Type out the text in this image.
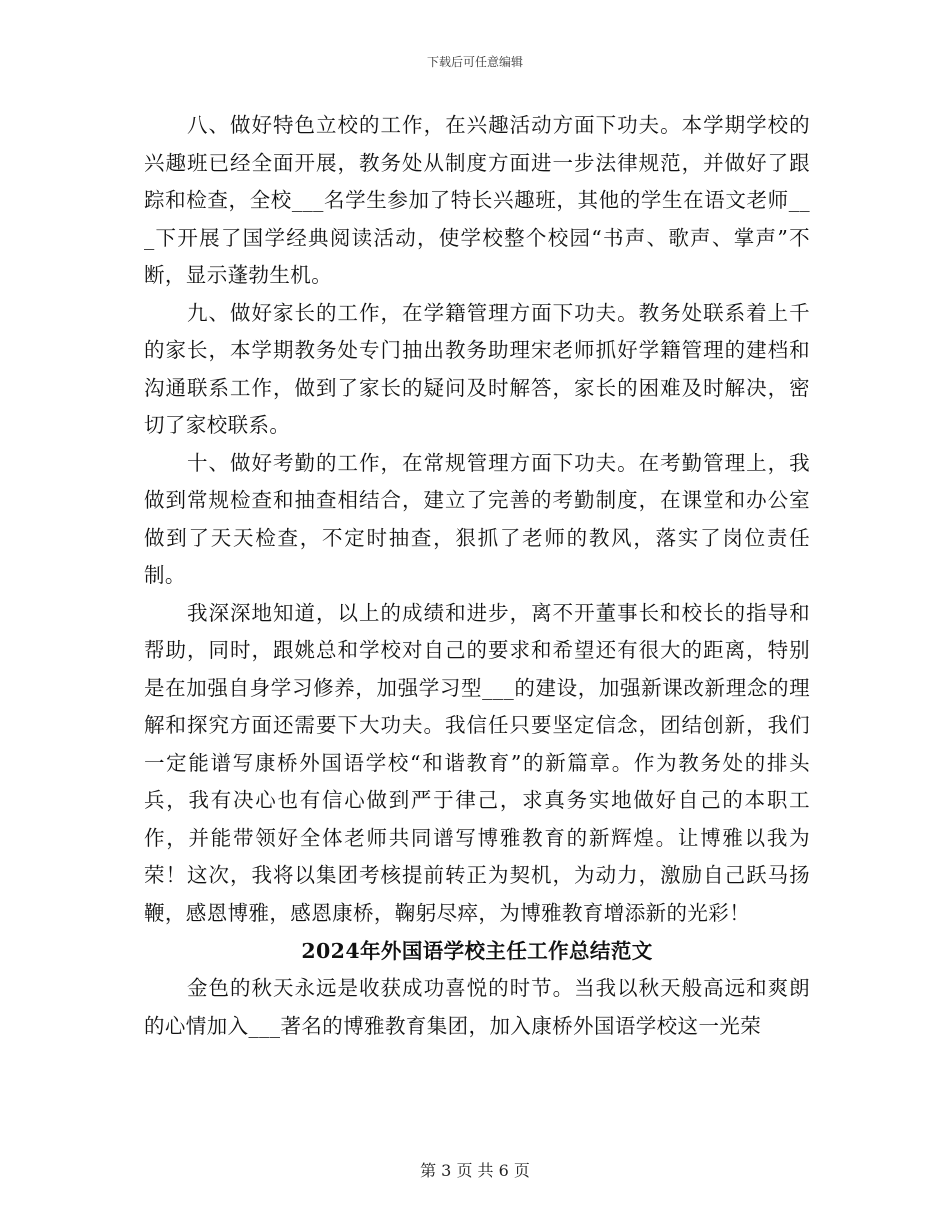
下载后可任意编辑

八、做好特色立校的工作，在兴趣活动方面下功夫。本学期学校的兴趣班已经全面开展，教务处从制度方面进一步法律规范，并做好了跟踪和检查，全校___名学生参加了特长兴趣班，其他的学生在语文老师___下开展了国学经典阅读活动，使学校整个校园“书声、歌声、掌声”不断，显示蓬勃生机。

九、做好家长的工作，在学籍管理方面下功夫。教务处联系着上千的家长，本学期教务处专门抽出教务助理宋老师抓好学籍管理的建档和沟通联系工作，做到了家长的疑问及时解答，家长的困难及时解决，密切了家校联系。

十、做好考勤的工作，在常规管理方面下功夫。在考勤管理上，我做到常规检查和抽查相结合，建立了完善的考勤制度，在课堂和办公室做到了天天检查，不定时抽查，狠抓了老师的教风，落实了岗位责任制。

我深深地知道，以上的成绩和进步，离不开董事长和校长的指导和帮助，同时，跟姚总和学校对自己的要求和希望还有很大的距离，特别是在加强自身学习修养，加强学习型___的建设，加强新课改新理念的理解和探究方面还需要下大功夫。我信任只要坚定信念，团结创新，我们一定能谱写康桥外国语学校“和谐教育”的新篇章。作为教务处的排头兵，我有决心也有信心做到严于律己，求真务实地做好自己的本职工作，并能带领好全体老师共同谱写博雅教育的新辉煌。让博雅以我为荣！这次，我将以集团考核提前转正为契机，为动力，激励自己跃马扬鞭，感恩博雅，感恩康桥，鞠躬尽瘁，为博雅教育增添新的光彩！

2024年外国语学校主任工作总结范文

金色的秋天永远是收获成功喜悦的时节。当我以秋天般高远和爽朗的心情加入___著名的博雅教育集团，加入康桥外国语学校这一光荣

第 3 页 共 6 页
